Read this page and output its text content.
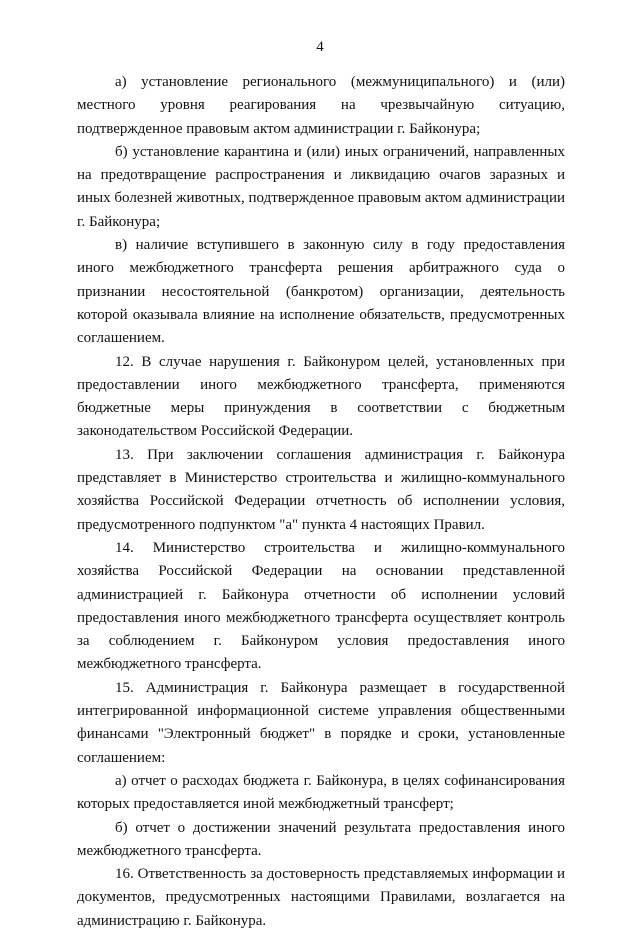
4

а) установление регионального (межмуниципального) и (или) местного уровня реагирования на чрезвычайную ситуацию, подтвержденное правовым актом администрации г. Байконура;

б) установление карантина и (или) иных ограничений, направленных на предотвращение распространения и ликвидацию очагов заразных и иных болезней животных, подтвержденное правовым актом администрации г. Байконура;

в) наличие вступившего в законную силу в году предоставления иного межбюджетного трансферта решения арбитражного суда о признании несостоятельной (банкротом) организации, деятельность которой оказывала влияние на исполнение обязательств, предусмотренных соглашением.

12. В случае нарушения г. Байконуром целей, установленных при предоставлении иного межбюджетного трансферта, применяются бюджетные меры принуждения в соответствии с бюджетным законодательством Российской Федерации.

13. При заключении соглашения администрация г. Байконура представляет в Министерство строительства и жилищно-коммунального хозяйства Российской Федерации отчетность об исполнении условия, предусмотренного подпунктом "а" пункта 4 настоящих Правил.

14. Министерство строительства и жилищно-коммунального хозяйства Российской Федерации на основании представленной администрацией г. Байконура отчетности об исполнении условий предоставления иного межбюджетного трансферта осуществляет контроль за соблюдением г. Байконуром условия предоставления иного межбюджетного трансферта.

15. Администрация г. Байконура размещает в государственной интегрированной информационной системе управления общественными финансами "Электронный бюджет" в порядке и сроки, установленные соглашением:

а) отчет о расходах бюджета г. Байконура, в целях софинансирования которых предоставляется иной межбюджетный трансферт;

б) отчет о достижении значений результата предоставления иного межбюджетного трансферта.

16. Ответственность за достоверность представляемых информации и документов, предусмотренных настоящими Правилами, возлагается на администрацию г. Байконура.
